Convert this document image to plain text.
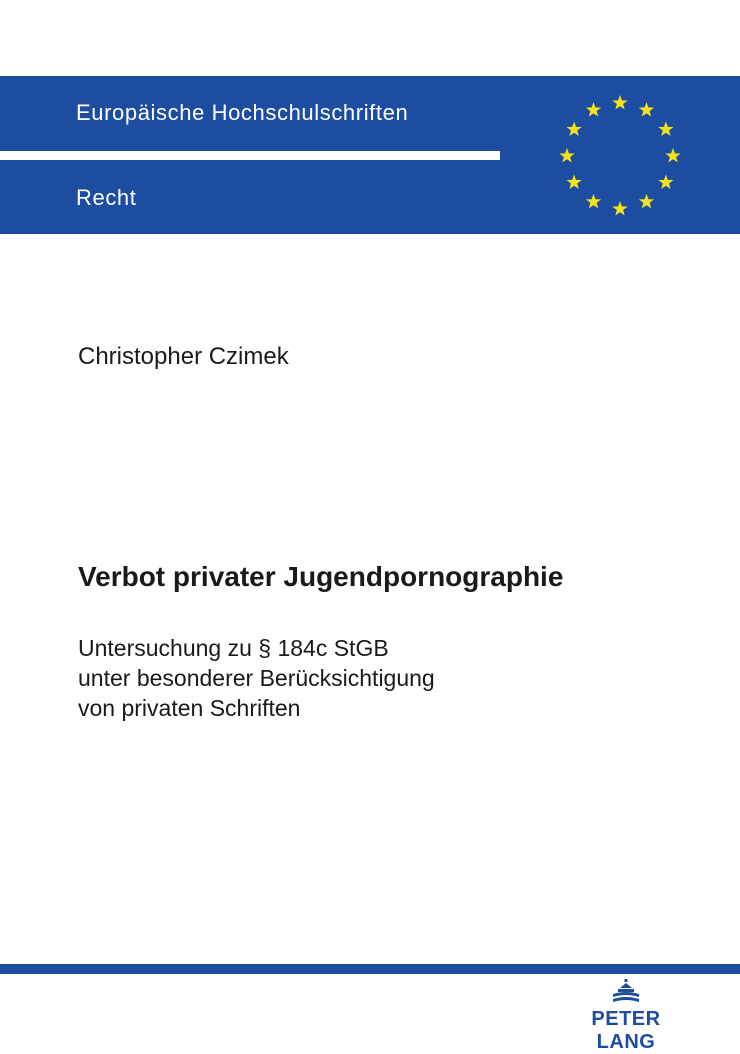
Europäische Hochschulschriften
Recht
Christopher Czimek
Verbot privater Jugendpornographie
Untersuchung zu § 184c StGB
unter besonderer Berücksichtigung
von privaten Schriften
PETER LANG
